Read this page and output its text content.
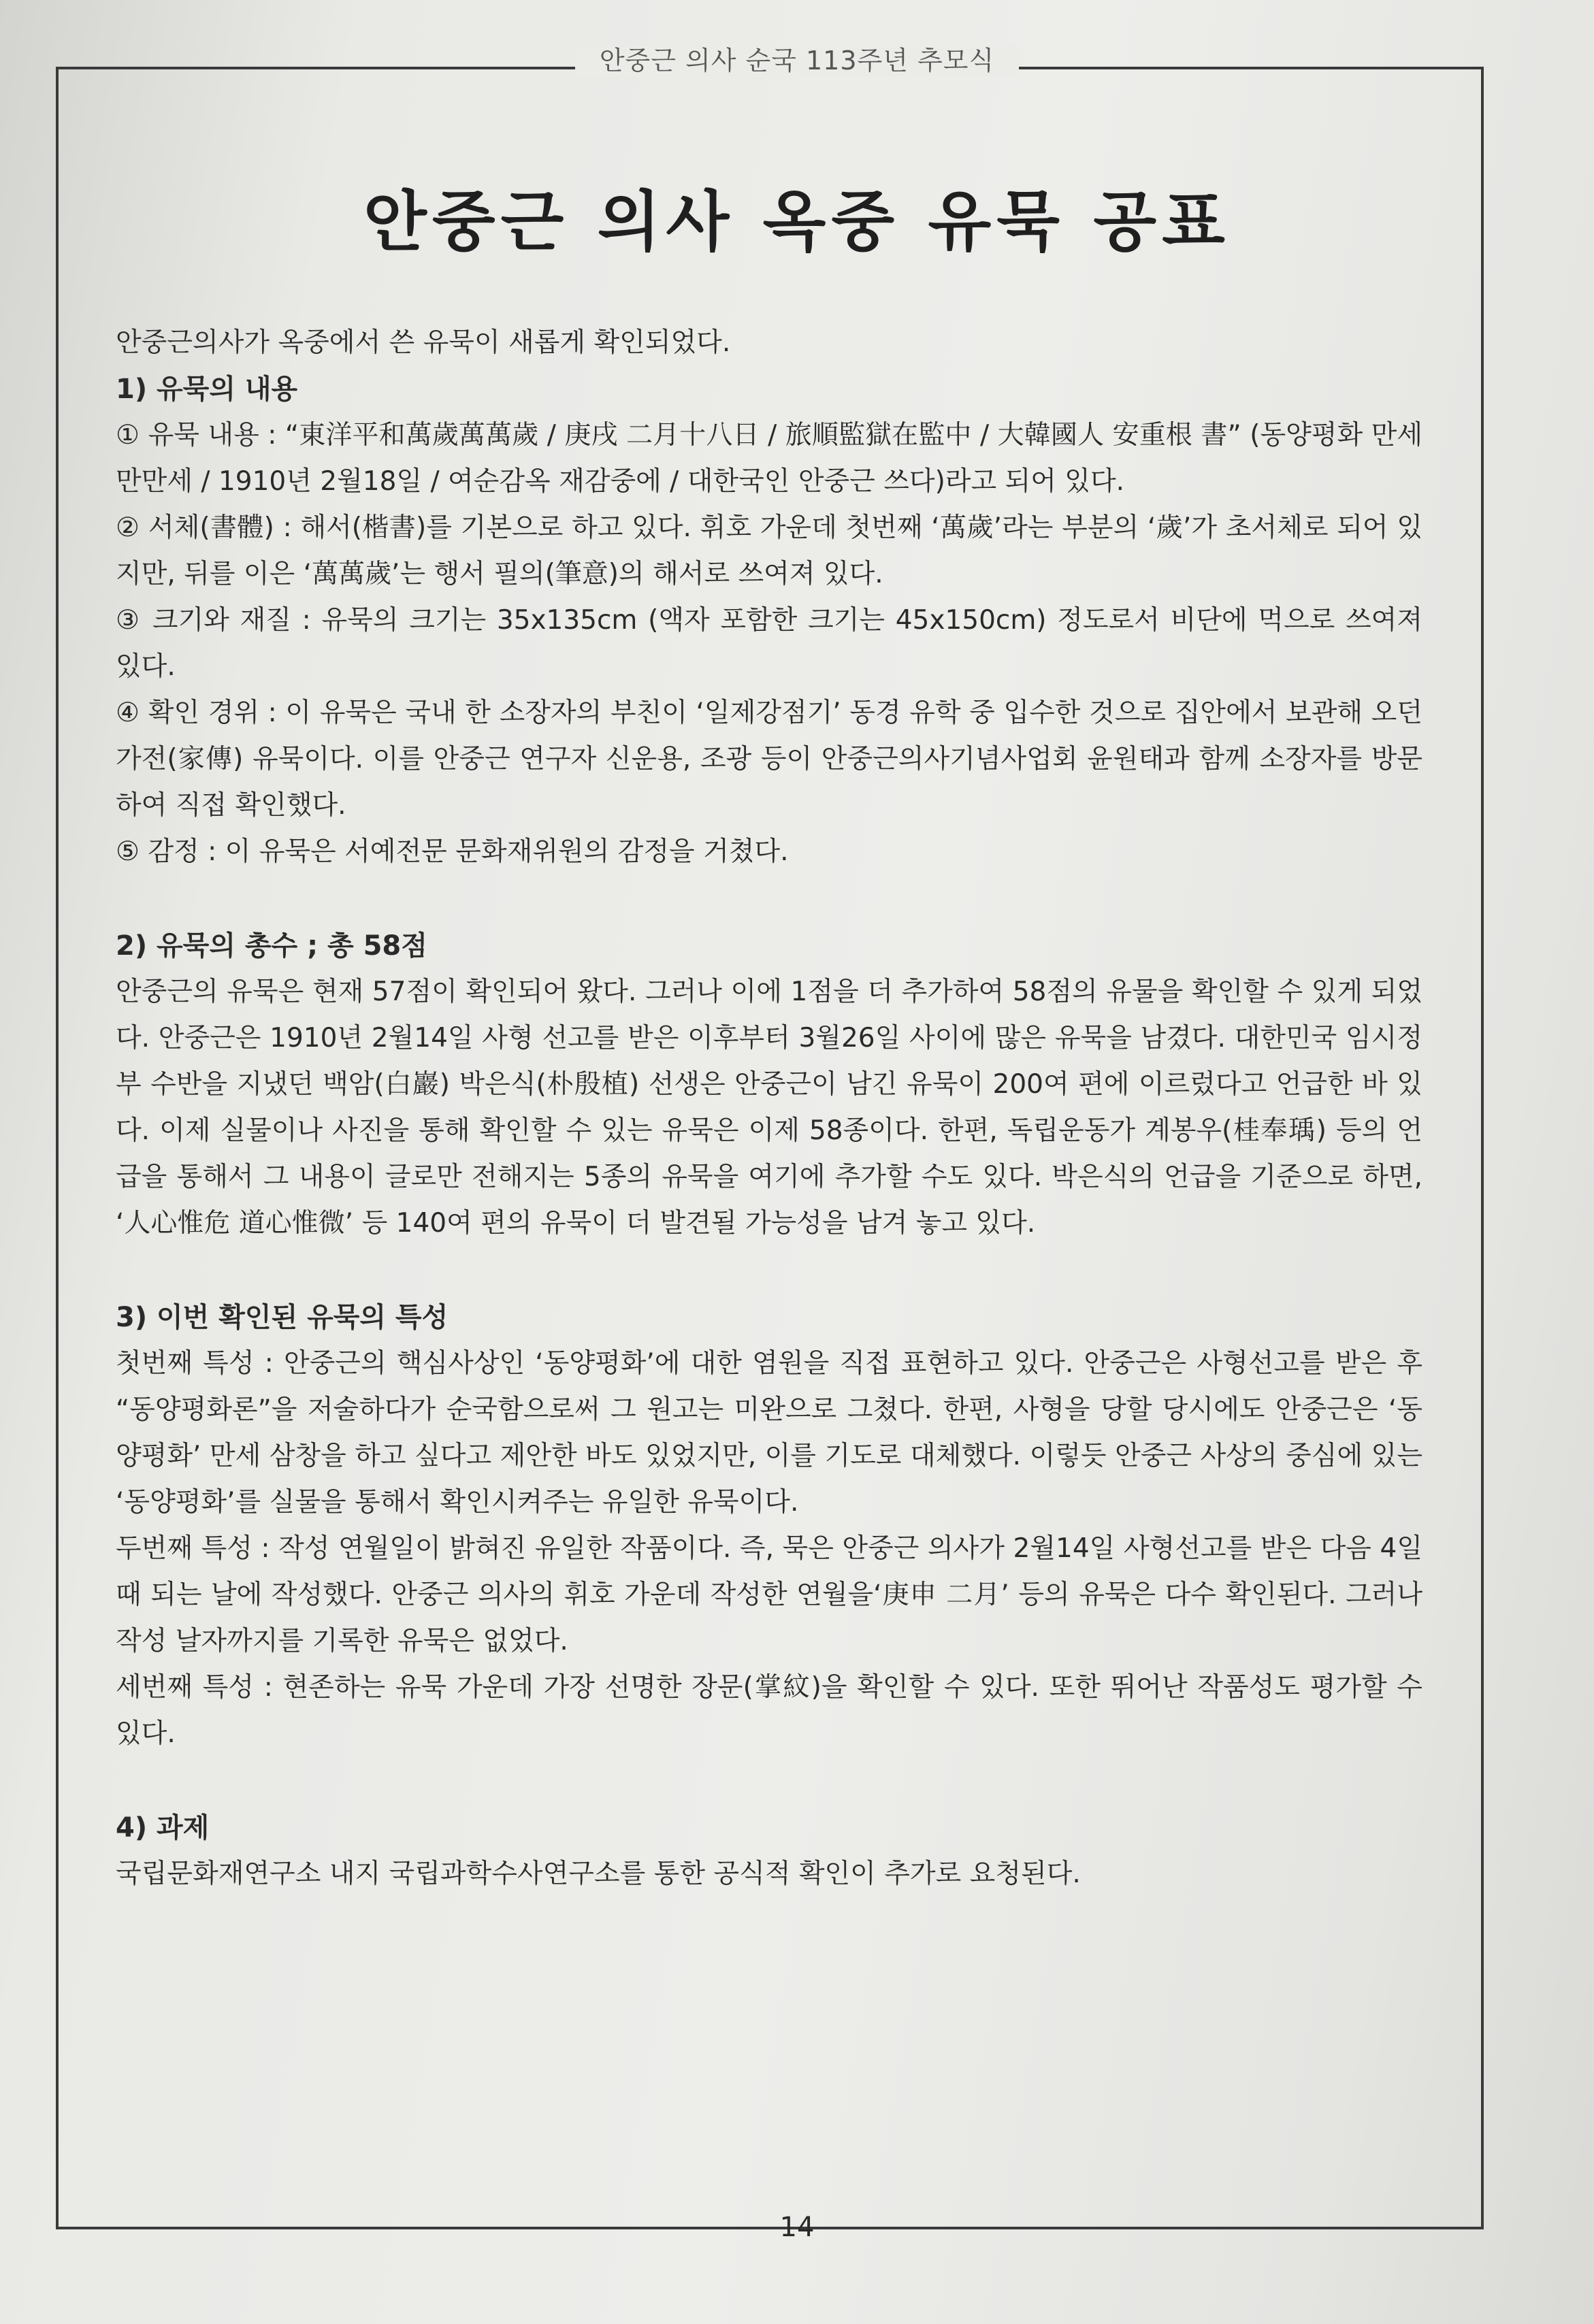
안중근 의사 순국 113주년 추모식
안중근 의사 옥중 유묵 공표

안중근의사가 옥중에서 쓴 유묵이 새롭게 확인되었다.

1) 유묵의 내용

① 유묵 내용 : “東洋平和萬歲萬萬歲 / 庚戌 二月十八日 / 旅順監獄在監中 / 大韓國人 安重根 書” (동양평화 만세만만세 / 1910년 2월18일 / 여순감옥 재감중에 / 대한국인 안중근 쓰다)라고 되어 있다.

② 서체(書體) : 해서(楷書)를 기본으로 하고 있다. 휘호 가운데 첫번째 ‘萬歲’라는 부분의 ‘歲’가 초서체로 되어 있지만, 뒤를 이은 ‘萬萬歲’는 행서 필의(筆意)의 해서로 쓰여져 있다.

③ 크기와 재질 : 유묵의 크기는 35x135cm (액자 포함한 크기는 45x150cm) 정도로서 비단에 먹으로 쓰여져 있다.

④ 확인 경위 : 이 유묵은 국내 한 소장자의 부친이 ‘일제강점기’ 동경 유학 중 입수한 것으로 집안에서 보관해 오던 가전(家傳) 유묵이다. 이를 안중근 연구자 신운용, 조광 등이 안중근의사기념사업회 윤원태과 함께 소장자를 방문하여 직접 확인했다.

⑤ 감정 : 이 유묵은 서예전문 문화재위원의 감정을 거쳤다.

2) 유묵의 총수 ; 총 58점

안중근의 유묵은 현재 57점이 확인되어 왔다. 그러나 이에 1점을 더 추가하여 58점의 유물을 확인할 수 있게 되었다. 안중근은 1910년 2월14일 사형 선고를 받은 이후부터 3월26일 사이에 많은 유묵을 남겼다. 대한민국 임시정부 수반을 지냈던 백암(白巖) 박은식(朴殷植) 선생은 안중근이 남긴 유묵이 200여 편에 이르렀다고 언급한 바 있다. 이제 실물이나 사진을 통해 확인할 수 있는 유묵은 이제 58종이다. 한편, 독립운동가 계봉우(桂奉瑀) 등의 언급을 통해서 그 내용이 글로만 전해지는 5종의 유묵을 여기에 추가할 수도 있다. 박은식의 언급을 기준으로 하면, ‘人心惟危 道心惟微’ 등 140여 편의 유묵이 더 발견될 가능성을 남겨 놓고 있다.

3) 이번 확인된 유묵의 특성

첫번째 특성 : 안중근의 핵심사상인 ‘동양평화’에 대한 염원을 직접 표현하고 있다. 안중근은 사형선고를 받은 후 “동양평화론”을 저술하다가 순국함으로써 그 원고는 미완으로 그쳤다. 한편, 사형을 당할 당시에도 안중근은 ‘동양평화’ 만세 삼창을 하고 싶다고 제안한 바도 있었지만, 이를 기도로 대체했다. 이렇듯 안중근 사상의 중심에 있는 ‘동양평화’를 실물을 통해서 확인시켜주는 유일한 유묵이다.

두번째 특성 : 작성 연월일이 밝혀진 유일한 작품이다. 즉, 묵은 안중근 의사가 2월14일 사형선고를 받은 다음 4일 때 되는 날에 작성했다. 안중근 의사의 휘호 가운데 작성한 연월을‘庚申 二月’ 등의 유묵은 다수 확인된다. 그러나 작성 날자까지를 기록한 유묵은 없었다.

세번째 특성 : 현존하는 유묵 가운데 가장 선명한 장문(掌紋)을 확인할 수 있다. 또한 뛰어난 작품성도 평가할 수 있다.

4) 과제

국립문화재연구소 내지 국립과학수사연구소를 통한 공식적 확인이 추가로 요청된다.

14
